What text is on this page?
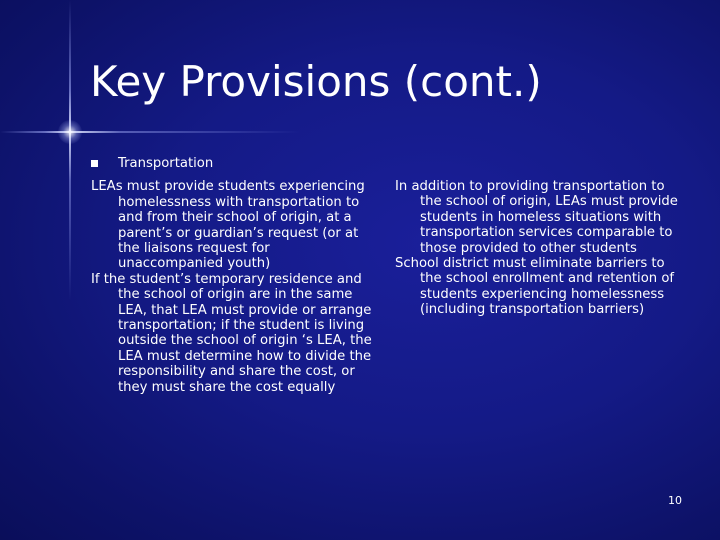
Key Provisions (cont.)
Transportation

LEAs must provide students experiencing homelessness with transportation to and from their school of origin, at a parent’s or guardian’s request (or at the liaisons request for unaccompanied youth)

If the student’s temporary residence and the school of origin are in the same LEA, that LEA must provide or arrange transportation; if the student is living outside the school of origin ‘s LEA, the LEA must determine how to divide the responsibility and share the cost, or they must share the cost equally

In addition to providing transportation to the school of origin, LEAs must provide students in homeless situations with transportation services comparable to those provided to other students

School district must eliminate barriers to the school enrollment and retention of students experiencing homelessness (including transportation barriers)

10
